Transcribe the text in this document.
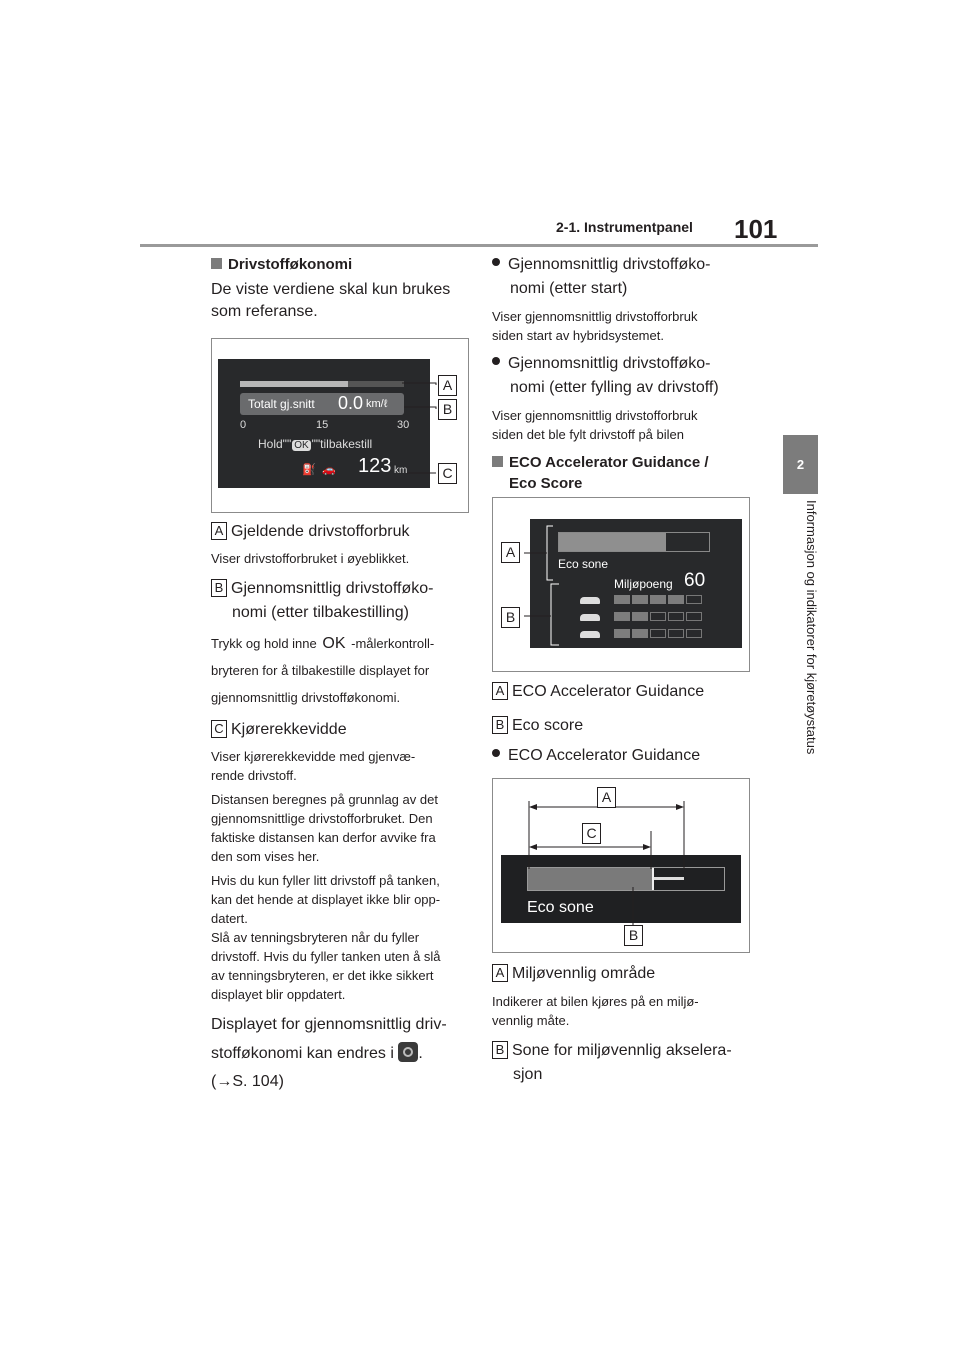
2-1. Instrumentpanel 101
2
Informasjon og indikatorer for kjøretøystatus
Drivstofføkonomi
De viste verdiene skal kun brukes som referanse.
Totalt gj.snitt 0.0 km/ℓ
0	15	30
Hold"" OK ""tilbakestill
⛽ 🚗 123 km
A
B
C
A Gjeldende drivstofforbruk
Viser drivstofforbruket i øyeblikket.
B Gjennomsnittlig drivstofføko-
nomi (etter tilbakestilling)
Trykk og hold inne OK -målerkontroll-
bryteren for å tilbakestille displayet for
gjennomsnittlig drivstofføkonomi.
C Kjørerekkevidde
Viser kjørerekkevidde med gjenvæ-
rende drivstoff.
Distansen beregnes på grunnlag av det
gjennomsnittlige drivstofforbruket. Den
faktiske distansen kan derfor avvike fra
den som vises her.
Hvis du kun fyller litt drivstoff på tanken,
kan det hende at displayet ikke blir opp-
datert.
Slå av tenningsbryteren når du fyller
drivstoff. Hvis du fyller tanken uten å slå
av tenningsbryteren, er det ikke sikkert
displayet blir oppdatert.
Displayet for gjennomsnittlig driv-
stofføkonomi kan endres i .
(→S. 104)
Gjennomsnittlig drivstofføko-
nomi (etter start)
Viser gjennomsnittlig drivstofforbruk
siden start av hybridsystemet.
Gjennomsnittlig drivstofføko-
nomi (etter fylling av drivstoff)
Viser gjennomsnittlig drivstofforbruk
siden det ble fylt drivstoff på bilen
ECO Accelerator Guidance /
Eco Score
Eco sone
Miljøpoeng 60
A
B
A ECO Accelerator Guidance
B Eco score
ECO Accelerator Guidance
Eco sone
A
C
B
A Miljøvennlig område
Indikerer at bilen kjøres på en miljø-
vennlig måte.
B Sone for miljøvennlig akselera-
sjon
